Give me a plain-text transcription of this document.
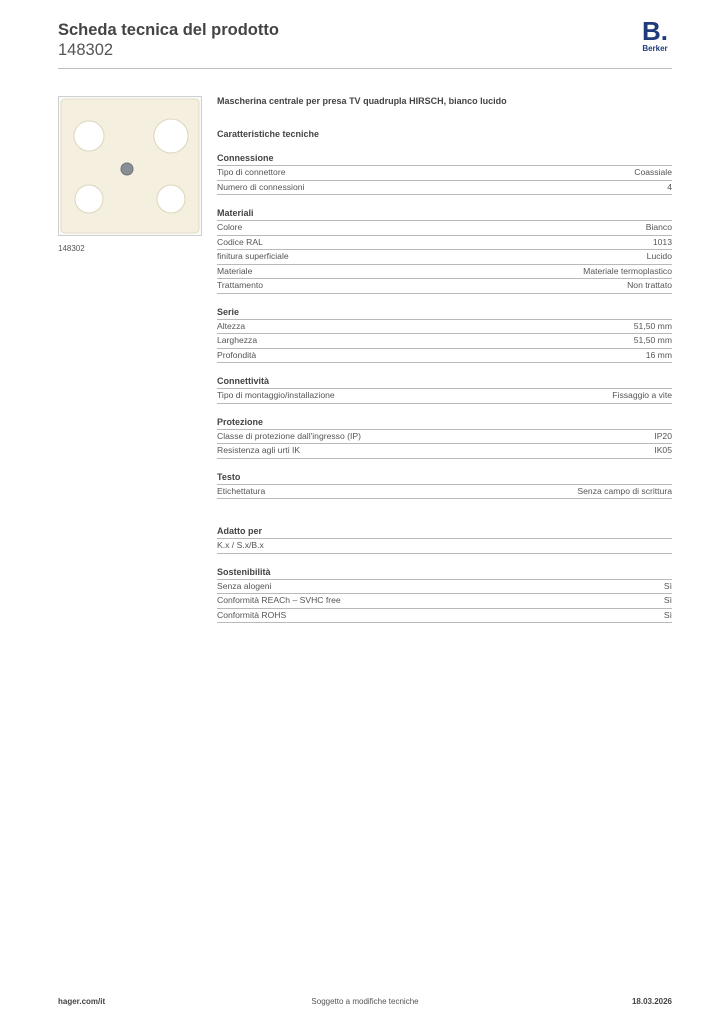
Scheda tecnica del prodotto
148302
B.
Berker
148302
Mascherina centrale per presa TV quadrupla HIRSCH, bianco lucido
Caratteristiche tecniche
Connessione
Tipo di connettore	Coassiale
Numero di connessioni	4
Materiali
Colore	Bianco
Codice RAL	1013
finitura superficiale	Lucido
Materiale	Materiale termoplastico
Trattamento	Non trattato
Serie
Altezza	51,50 mm
Larghezza	51,50 mm
Profondità	16 mm
Connettività
Tipo di montaggio/installazione	Fissaggio a vite
Protezione
Classe di protezione dall'ingresso (IP)	IP20
Resistenza agli urti IK	IK05
Testo
Etichettatura	Senza campo di scrittura
Adatto per
K.x / S.x/B.x
Sostenibilità
Senza alogeni	Sì
Conformità REACh – SVHC free	Sì
Conformità ROHS	Sì
hager.com/it	Soggetto a modifiche tecniche	18.03.2026
